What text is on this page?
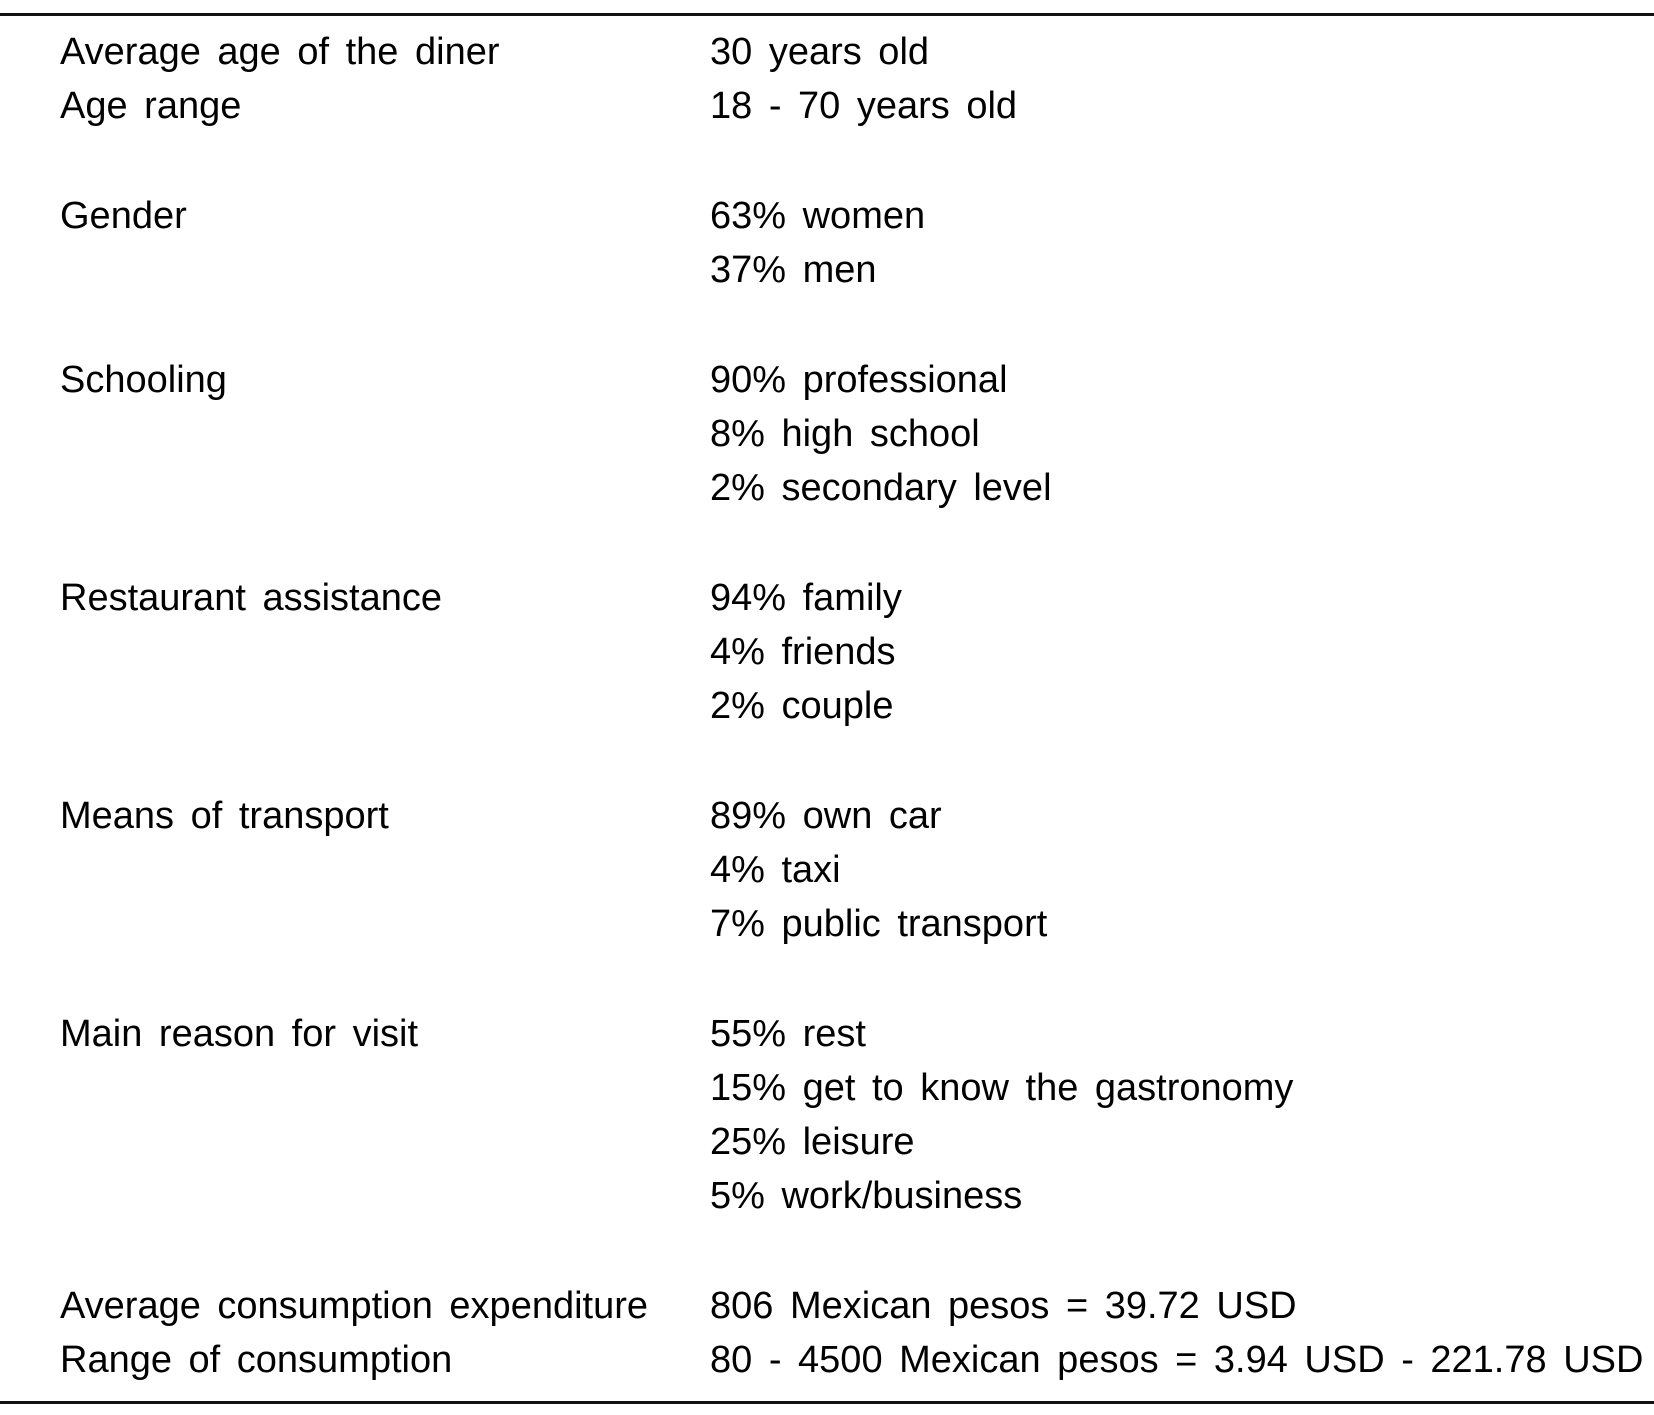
Average age of the diner	30 years old
Age range	18 - 70 years old
Gender	63% women
37% men
Schooling	90% professional
8% high school
2% secondary level
Restaurant assistance	94% family
4% friends
2% couple
Means of transport	89% own car
4% taxi
7% public transport
Main reason for visit	55% rest
15% get to know the gastronomy
25% leisure
5% work/business
Average consumption expenditure	806 Mexican pesos = 39.72 USD
Range of consumption	80 - 4500 Mexican pesos = 3.94 USD - 221.78 USD
